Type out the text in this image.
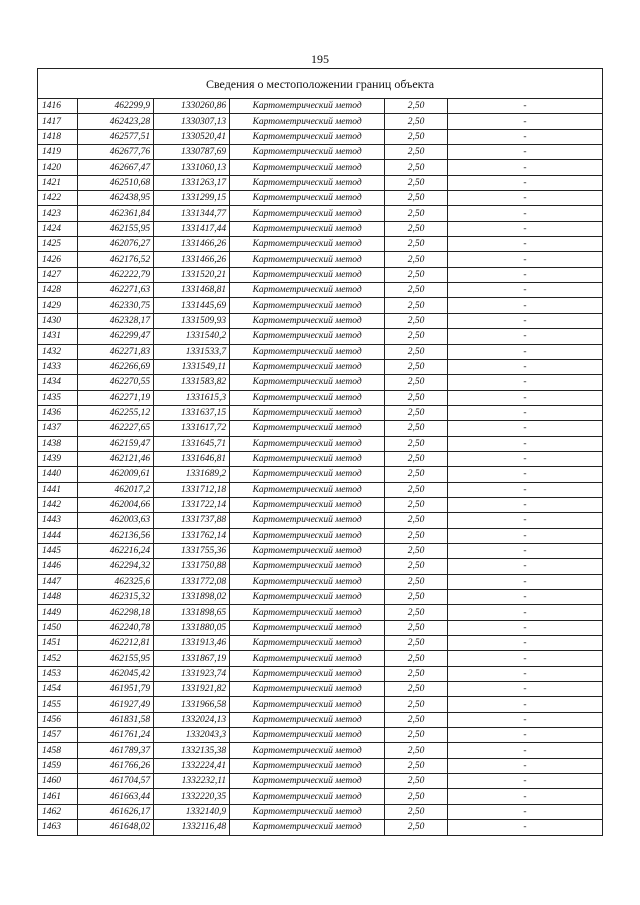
195
Сведения о местоположении границ объекта
1416	462299,9	1330260,86	Картометрический метод	2,50	-
1417	462423,28	1330307,13	Картометрический метод	2,50	-
1418	462577,51	1330520,41	Картометрический метод	2,50	-
1419	462677,76	1330787,69	Картометрический метод	2,50	-
1420	462667,47	1331060,13	Картометрический метод	2,50	-
1421	462510,68	1331263,17	Картометрический метод	2,50	-
1422	462438,95	1331299,15	Картометрический метод	2,50	-
1423	462361,84	1331344,77	Картометрический метод	2,50	-
1424	462155,95	1331417,44	Картометрический метод	2,50	-
1425	462076,27	1331466,26	Картометрический метод	2,50	-
1426	462176,52	1331466,26	Картометрический метод	2,50	-
1427	462222,79	1331520,21	Картометрический метод	2,50	-
1428	462271,63	1331468,81	Картометрический метод	2,50	-
1429	462330,75	1331445,69	Картометрический метод	2,50	-
1430	462328,17	1331509,93	Картометрический метод	2,50	-
1431	462299,47	1331540,2	Картометрический метод	2,50	-
1432	462271,83	1331533,7	Картометрический метод	2,50	-
1433	462266,69	1331549,11	Картометрический метод	2,50	-
1434	462270,55	1331583,82	Картометрический метод	2,50	-
1435	462271,19	1331615,3	Картометрический метод	2,50	-
1436	462255,12	1331637,15	Картометрический метод	2,50	-
1437	462227,65	1331617,72	Картометрический метод	2,50	-
1438	462159,47	1331645,71	Картометрический метод	2,50	-
1439	462121,46	1331646,81	Картометрический метод	2,50	-
1440	462009,61	1331689,2	Картометрический метод	2,50	-
1441	462017,2	1331712,18	Картометрический метод	2,50	-
1442	462004,66	1331722,14	Картометрический метод	2,50	-
1443	462003,63	1331737,88	Картометрический метод	2,50	-
1444	462136,56	1331762,14	Картометрический метод	2,50	-
1445	462216,24	1331755,36	Картометрический метод	2,50	-
1446	462294,32	1331750,88	Картометрический метод	2,50	-
1447	462325,6	1331772,08	Картометрический метод	2,50	-
1448	462315,32	1331898,02	Картометрический метод	2,50	-
1449	462298,18	1331898,65	Картометрический метод	2,50	-
1450	462240,78	1331880,05	Картометрический метод	2,50	-
1451	462212,81	1331913,46	Картометрический метод	2,50	-
1452	462155,95	1331867,19	Картометрический метод	2,50	-
1453	462045,42	1331923,74	Картометрический метод	2,50	-
1454	461951,79	1331921,82	Картометрический метод	2,50	-
1455	461927,49	1331966,58	Картометрический метод	2,50	-
1456	461831,58	1332024,13	Картометрический метод	2,50	-
1457	461761,24	1332043,3	Картометрический метод	2,50	-
1458	461789,37	1332135,38	Картометрический метод	2,50	-
1459	461766,26	1332224,41	Картометрический метод	2,50	-
1460	461704,57	1332232,11	Картометрический метод	2,50	-
1461	461663,44	1332220,35	Картометрический метод	2,50	-
1462	461626,17	1332140,9	Картометрический метод	2,50	-
1463	461648,02	1332116,48	Картометрический метод	2,50	-
